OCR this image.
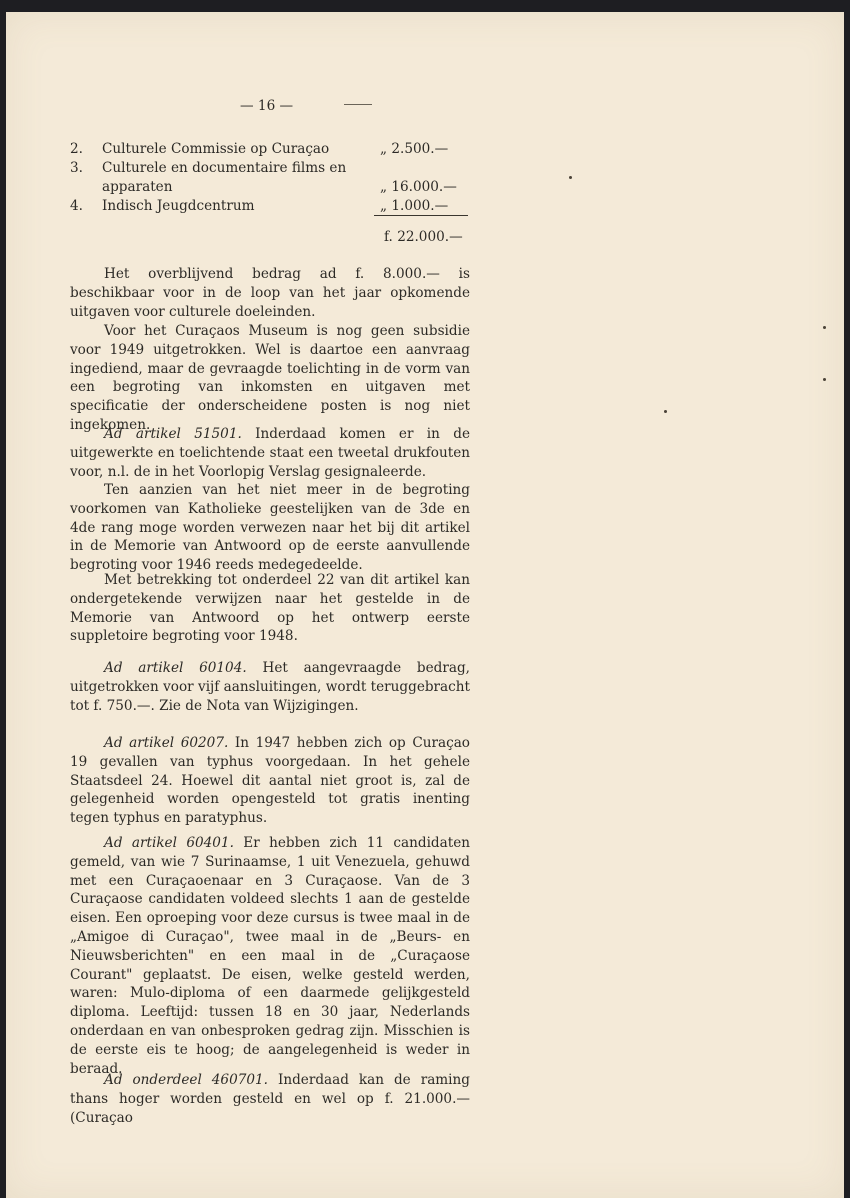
— 16 —
2. Culturele Commissie op Curaçao	„ 2.500.—
3. Culturele en documentaire films en
apparaten	„ 16.000.—
4. Indisch Jeugdcentrum	„ 1.000.—
f. 22.000.—

Het overblijvend bedrag ad f. 8.000.— is beschikbaar voor in de loop van het jaar opkomende uitgaven voor culturele doeleinden.

Voor het Curaçaos Museum is nog geen subsidie voor 1949 uitgetrokken. Wel is daartoe een aanvraag ingediend, maar de gevraagde toelichting in de vorm van een begroting van inkomsten en uitgaven met specificatie der onderscheidene posten is nog niet ingekomen.

Ad artikel 51501. Inderdaad komen er in de uitgewerkte en toelichtende staat een tweetal drukfouten voor, n.l. de in het Voorlopig Verslag gesignaleerde.

Ten aanzien van het niet meer in de begroting voorkomen van Katholieke geestelijken van de 3de en 4de rang moge worden verwezen naar het bij dit artikel in de Memorie van Antwoord op de eerste aanvullende begroting voor 1946 reeds medegedeelde.

Met betrekking tot onderdeel 22 van dit artikel kan ondergetekende verwijzen naar het gestelde in de Memorie van Antwoord op het ontwerp eerste suppletoire begroting voor 1948.

Ad artikel 60104. Het aangevraagde bedrag, uitgetrokken voor vijf aansluitingen, wordt teruggebracht tot f. 750.—. Zie de Nota van Wijzigingen.

Ad artikel 60207. In 1947 hebben zich op Curaçao 19 gevallen van typhus voorgedaan. In het gehele Staatsdeel 24. Hoewel dit aantal niet groot is, zal de gelegenheid worden opengesteld tot gratis inenting tegen typhus en paratyphus.

Ad artikel 60401. Er hebben zich 11 candidaten gemeld, van wie 7 Surinaamse, 1 uit Venezuela, gehuwd met een Curaçaoenaar en 3 Curaçaose. Van de 3 Curaçaose candidaten voldeed slechts 1 aan de gestelde eisen. Een oproeping voor deze cursus is twee maal in de „Amigoe di Curaçao", twee maal in de „Beurs- en Nieuwsberichten" en een maal in de „Curaçaose Courant" geplaatst. De eisen, welke gesteld werden, waren: Mulo-diploma of een daarmede gelijkgesteld diploma. Leeftijd: tussen 18 en 30 jaar, Nederlands onderdaan en van onbesproken gedrag zijn. Misschien is de eerste eis te hoog; de aangelegenheid is weder in beraad.

Ad onderdeel 460701. Inderdaad kan de raming thans hoger worden gesteld en wel op f. 21.000.— (Curaçao
